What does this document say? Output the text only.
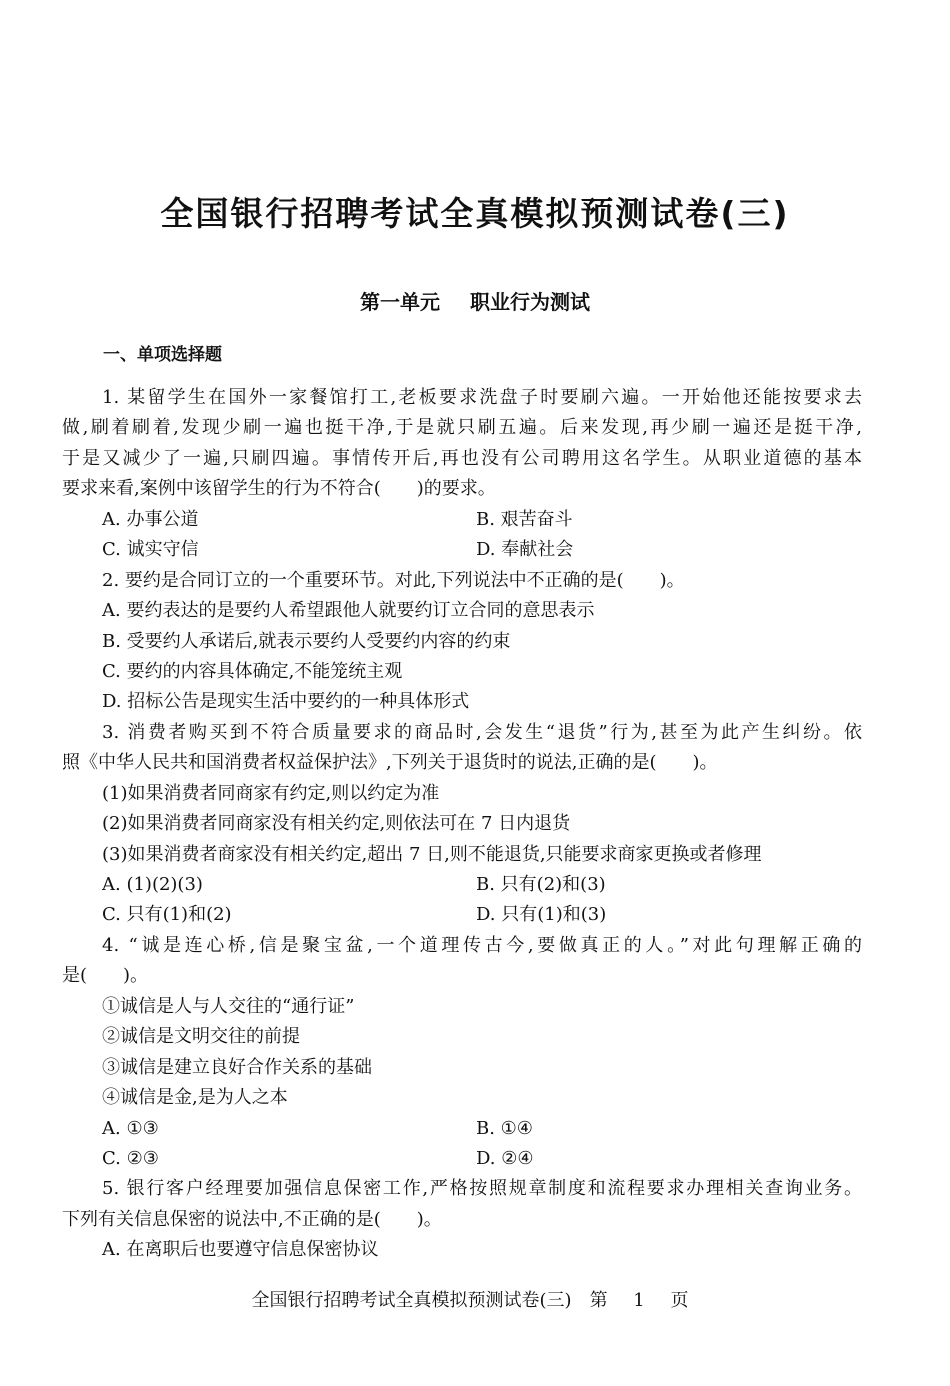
全国银行招聘考试全真模拟预测试卷(三)
第一单元 职业行为测试
一、单项选择题
1. 某留学生在国外一家餐馆打工,老板要求洗盘子时要刷六遍。一开始他还能按要求去
做,刷着刷着,发现少刷一遍也挺干净,于是就只刷五遍。后来发现,再少刷一遍还是挺干净,
于是又减少了一遍,只刷四遍。事情传开后,再也没有公司聘用这名学生。从职业道德的基本
要求来看,案例中该留学生的行为不符合(　　)的要求。
A. 办事公道	B. 艰苦奋斗
C. 诚实守信	D. 奉献社会
2. 要约是合同订立的一个重要环节。对此,下列说法中不正确的是(　　)。
A. 要约表达的是要约人希望跟他人就要约订立合同的意思表示
B. 受要约人承诺后,就表示要约人受要约内容的约束
C. 要约的内容具体确定,不能笼统主观
D. 招标公告是现实生活中要约的一种具体形式
3. 消费者购买到不符合质量要求的商品时,会发生“退货”行为,甚至为此产生纠纷。依
照《中华人民共和国消费者权益保护法》,下列关于退货时的说法,正确的是(　　)。
(1)如果消费者同商家有约定,则以约定为准
(2)如果消费者同商家没有相关约定,则依法可在 7 日内退货
(3)如果消费者商家没有相关约定,超出 7 日,则不能退货,只能要求商家更换或者修理
A. (1)(2)(3)	B. 只有(2)和(3)
C. 只有(1)和(2)	D. 只有(1)和(3)
4. “诚是连心桥,信是聚宝盆,一个道理传古今,要做真正的人。”对此句理解正确的
是(　　)。
①诚信是人与人交往的“通行证”
②诚信是文明交往的前提
③诚信是建立良好合作关系的基础
④诚信是金,是为人之本
A. ①③	B. ①④
C. ②③	D. ②④
5. 银行客户经理要加强信息保密工作,严格按照规章制度和流程要求办理相关查询业务。
下列有关信息保密的说法中,不正确的是(　　)。
A. 在离职后也要遵守信息保密协议
全国银行招聘考试全真模拟预测试卷(三) 第 1 页
